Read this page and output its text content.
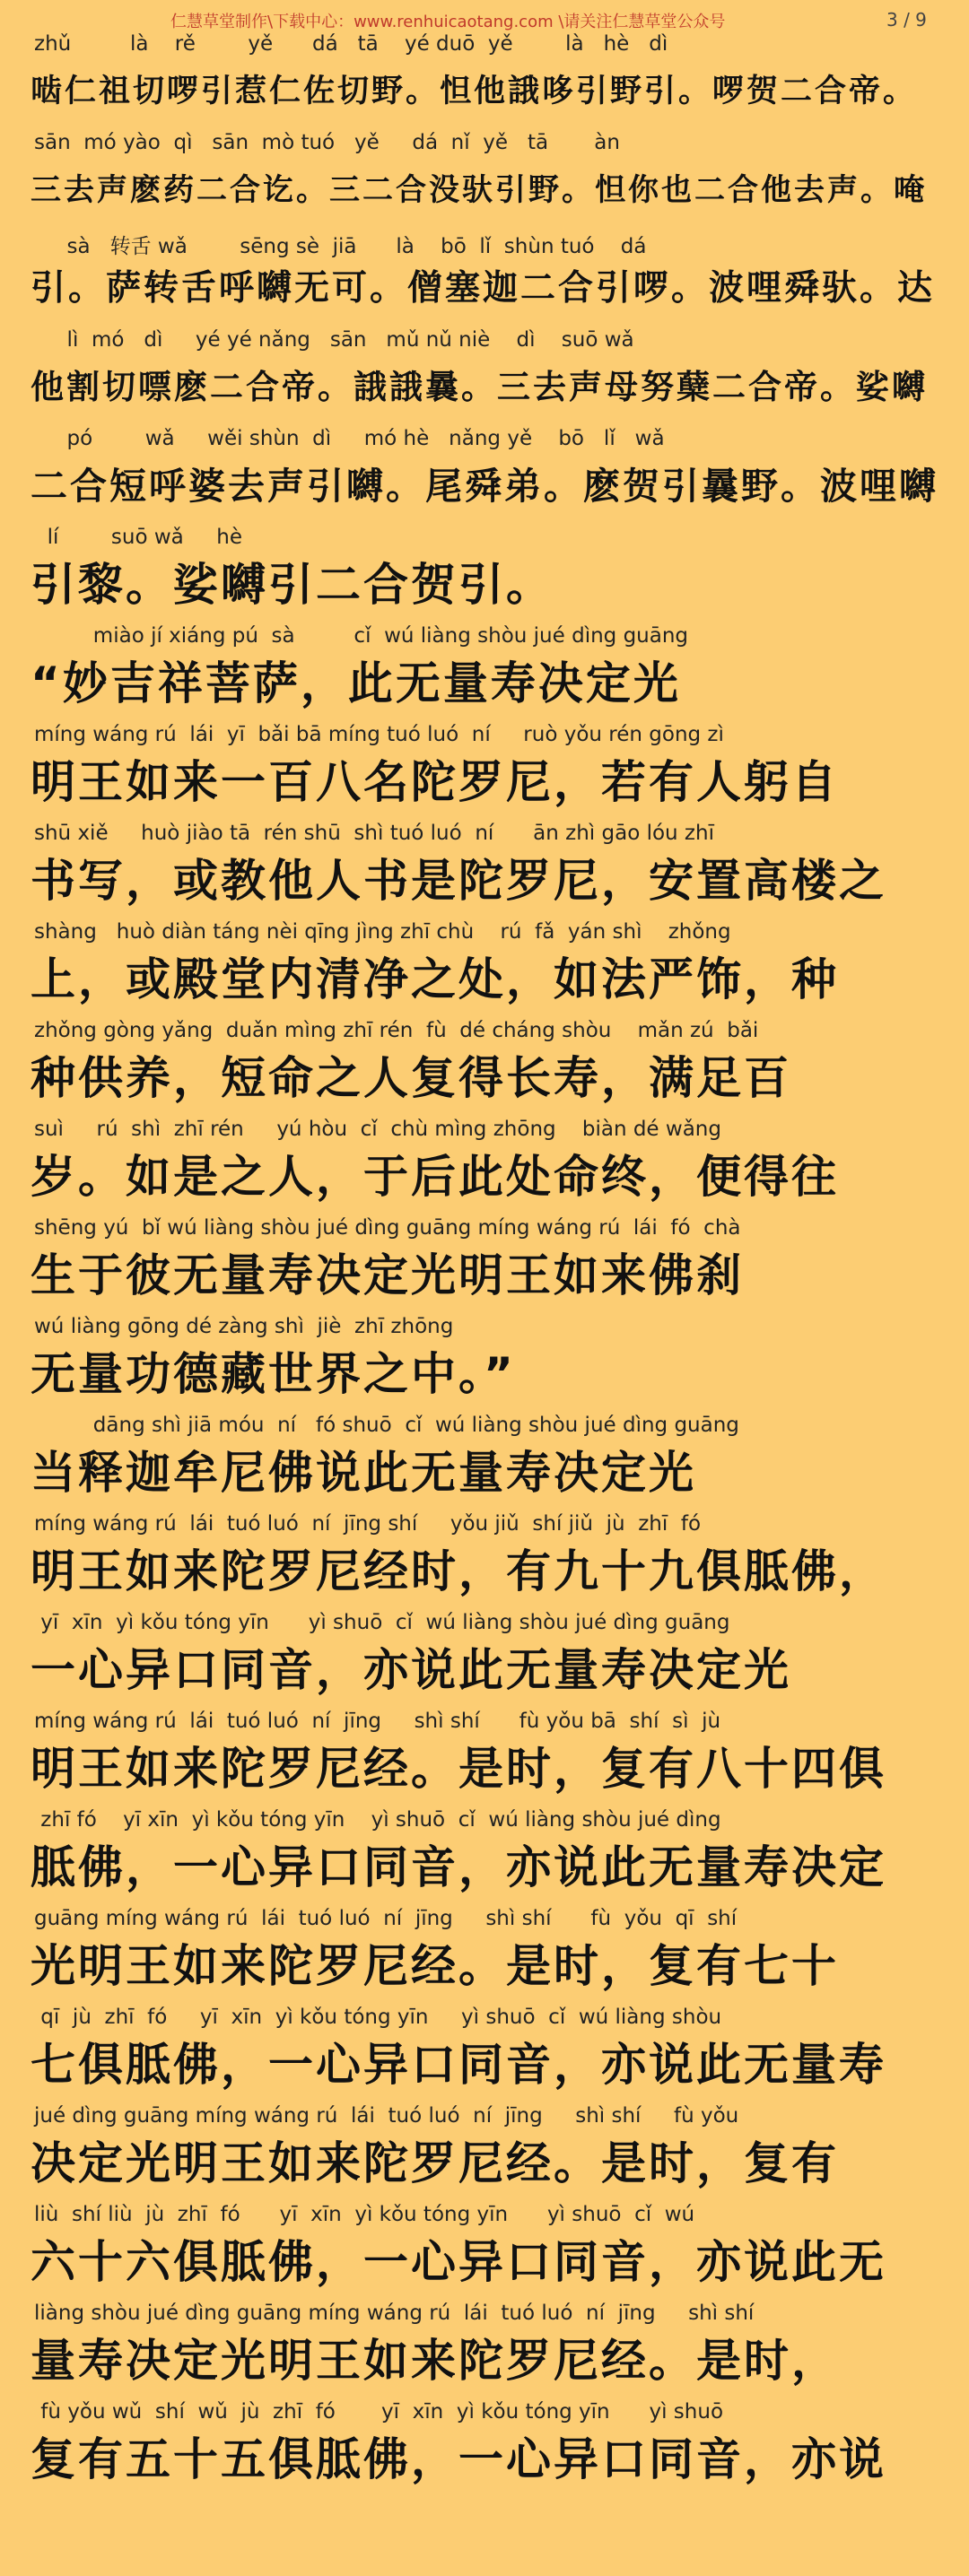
仁慧草堂制作\下载中心：www.renhuicaotang.com \请关注仁慧草堂公众号	3 / 9
zhǔ         là    rě        yě      dá   tā    yé duō  yě        là   hè   dì
啮仁祖切啰引惹仁佐切野。怛他誐哆引野引。啰贺二合帝。
sān  mó yào  qì   sān  mò tuó   yě     dá  nǐ  yě   tā       àn
三去声麽药二合讫。三二合没驮引野。怛你也二合他去声。唵
sà   转舌 wǎ        sēng sè  jiā      là    bō  lǐ  shùn tuó    dá
引。萨转舌呼嚩无可。僧塞迦二合引啰。波哩舜驮。达
lì  mó   dì     yé yé nǎng   sān   mǔ nǔ niè    dì    suō wǎ
他割切嘌麽二合帝。誐誐曩。三去声母努蘖二合帝。娑嚩
pó        wǎ     wěi shùn  dì     mó hè   nǎng yě    bō   lǐ   wǎ
二合短呼婆去声引嚩。尾舜弟。麽贺引曩野。波哩嚩
lí        suō wǎ     hè
引黎。娑嚩引二合贺引。
miào jí xiáng pú  sà         cǐ  wú liàng shòu jué dìng guāng
“妙吉祥菩萨，此无量寿决定光
míng wáng rú  lái  yī  bǎi bā míng tuó luó  ní     ruò yǒu rén gōng zì
明王如来一百八名陀罗尼，若有人躬自
shū xiě     huò jiào tā  rén shū  shì tuó luó  ní      ān zhì gāo lóu zhī
书写，或教他人书是陀罗尼，安置高楼之
shàng   huò diàn táng nèi qīng jìng zhī chù    rú  fǎ  yán shì    zhǒng
上，或殿堂内清净之处，如法严饰，种
zhǒng gòng yǎng  duǎn mìng zhī rén  fù  dé cháng shòu    mǎn zú  bǎi
种供养，短命之人复得长寿，满足百
suì     rú  shì  zhī rén     yú hòu  cǐ  chù mìng zhōng    biàn dé wǎng
岁。如是之人，于后此处命终，便得往
shēng yú  bǐ wú liàng shòu jué dìng guāng míng wáng rú  lái  fó  chà
生于彼无量寿决定光明王如来佛刹
wú liàng gōng dé zàng shì  jiè  zhī zhōng
无量功德藏世界之中。”
dāng shì jiā móu  ní   fó shuō  cǐ  wú liàng shòu jué dìng guāng
当释迦牟尼佛说此无量寿决定光
míng wáng rú  lái  tuó luó  ní  jīng shí     yǒu jiǔ  shí jiǔ  jù  zhī  fó
明王如来陀罗尼经时，有九十九俱胝佛，
yī  xīn  yì kǒu tóng yīn      yì shuō  cǐ  wú liàng shòu jué dìng guāng
一心异口同音，亦说此无量寿决定光
míng wáng rú  lái  tuó luó  ní  jīng     shì shí      fù yǒu bā  shí  sì  jù
明王如来陀罗尼经。是时，复有八十四俱
zhī fó    yī xīn  yì kǒu tóng yīn    yì shuō  cǐ  wú liàng shòu jué dìng
胝佛，一心异口同音，亦说此无量寿决定
guāng míng wáng rú  lái  tuó luó  ní  jīng     shì shí      fù  yǒu  qī  shí
光明王如来陀罗尼经。是时，复有七十
qī  jù  zhī  fó     yī  xīn  yì kǒu tóng yīn     yì shuō  cǐ  wú liàng shòu
七俱胝佛，一心异口同音，亦说此无量寿
jué dìng guāng míng wáng rú  lái  tuó luó  ní  jīng     shì shí     fù yǒu
决定光明王如来陀罗尼经。是时，复有
liù  shí liù  jù  zhī  fó      yī  xīn  yì kǒu tóng yīn      yì shuō  cǐ  wú
六十六俱胝佛，一心异口同音，亦说此无
liàng shòu jué dìng guāng míng wáng rú  lái  tuó luó  ní  jīng     shì shí
量寿决定光明王如来陀罗尼经。是时，
fù yǒu wǔ  shí  wǔ  jù  zhī  fó       yī  xīn  yì kǒu tóng yīn      yì shuō
复有五十五俱胝佛，一心异口同音，亦说
